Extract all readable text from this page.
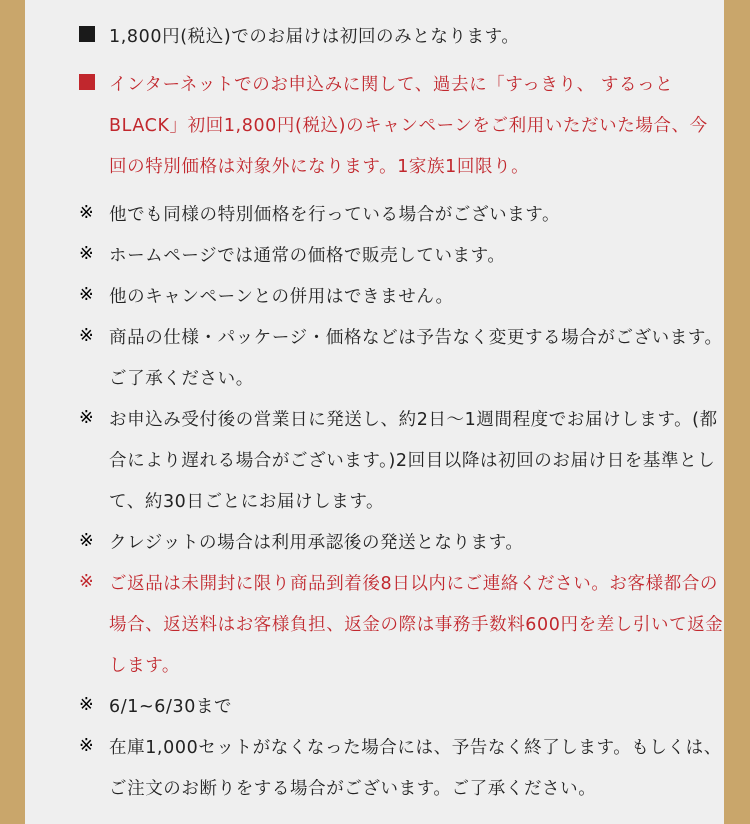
1,800円(税込)でのお届けは初回のみとなります。
インターネットでのお申込みに関して、過去に「すっきり、 するっとBLACK」初回1,800円(税込)のキャンペーンをご利用いただいた場合、今回の特別価格は対象外になります。1家族1回限り。
※ 他でも同様の特別価格を行っている場合がございます。
※ ホームページでは通常の価格で販売しています。
※ 他のキャンペーンとの併用はできません。
※ 商品の仕様・パッケージ・価格などは予告なく変更する場合がございます。ご了承ください。
※ お申込み受付後の営業日に発送し、約2日〜1週間程度でお届けします。(都合により遅れる場合がございます。)2回目以降は初回のお届け日を基準として、約30日ごとにお届けします。
※ クレジットの場合は利用承認後の発送となります。
※ ご返品は未開封に限り商品到着後8日以内にご連絡ください。お客様都合の場合、返送料はお客様負担、返金の際は事務手数料600円を差し引いて返金します。
※ 6/1~6/30まで
※ 在庫1,000セットがなくなった場合には、予告なく終了します。もしくは、ご注文のお断りをする場合がございます。ご了承ください。
